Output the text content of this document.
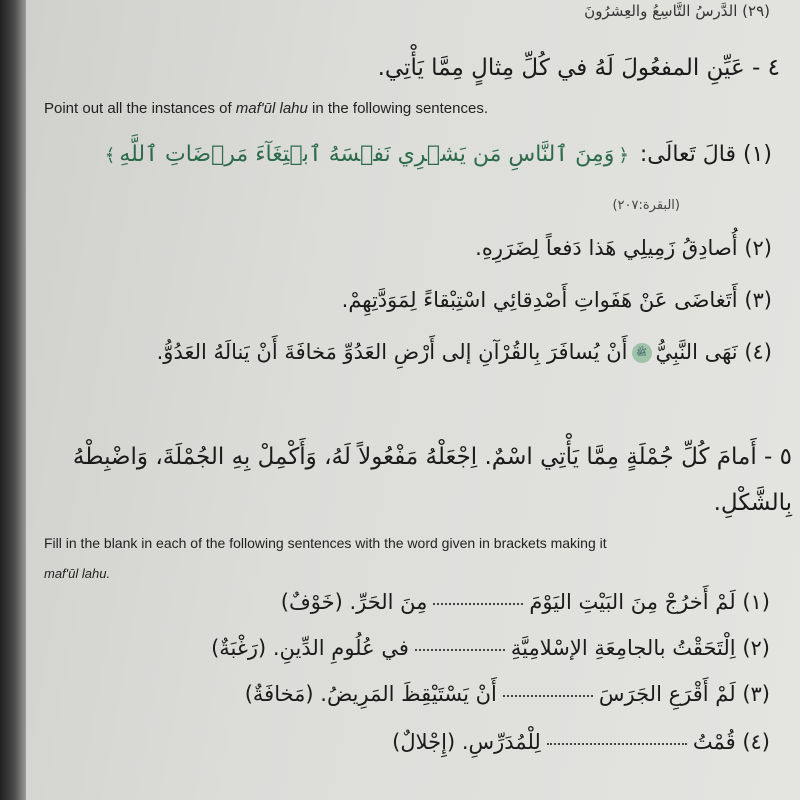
(٢٩) الدَّرسُ التَّاسِعُ والعِشرُونَ
٤ - عَيِّنِ المفعُولَ لَهُ في كُلِّ مِثالٍ مِمَّا يَأْتِي.
Point out all the instances of maf'ūl lahu in the following sentences.
(١) قالَ تَعالَى: ﴿وَمِنَ ٱلنَّاسِ مَن يَشۡرِي نَفۡسَهُ ٱبۡتِغَآءَ مَرۡضَاتِ ٱللَّهِ﴾
(البقرة:٢٠٧)
(٢) أُصادِقُ زَمِيلِي هَذا دَفعاً لِضَرَرِهِ.
(٣) أَتَغاضَى عَنْ هَفَواتِ أَصْدِقائِي اسْتِبْقاءً لِمَوَدَّتِهِمْ.
(٤) نَهَى النَّبِيُّﷺأَنْ يُسافَرَ بِالقُرْآنِ إلى أَرْضِ العَدُوِّ مَخافَةَ أَنْ يَنالَهُ العَدُوُّ.
٥ - أَمامَ كُلِّ جُمْلَةٍ مِمَّا يَأْتِي اسْمٌ. اِجْعَلْهُ مَفْعُولاً لَهُ، وَأَكْمِلْ بِهِ الجُمْلَةَ، وَاضْبِطْهُ
بِالشَّكْلِ.
Fill in the blank in each of the following sentences with the word given in brackets making it
maf'ūl lahu.
(١) لَمْ أَخرُجْ مِنَ البَيْتِ اليَوْمَمِنَ الحَرِّ. (خَوْفٌ)
(٢) اِلْتَحَقْتُ بالجامِعَةِ الإسْلامِيَّةِفي عُلُومِ الدِّينِ. (رَغْبَةٌ)
(٣) لَمْ أَقْرَعِ الجَرَسَأَنْ يَسْتَيْقِظَ المَرِيضُ. (مَخافَةٌ)
(٤) قُمْتُلِلْمُدَرِّسِ. (إِجْلالٌ)
